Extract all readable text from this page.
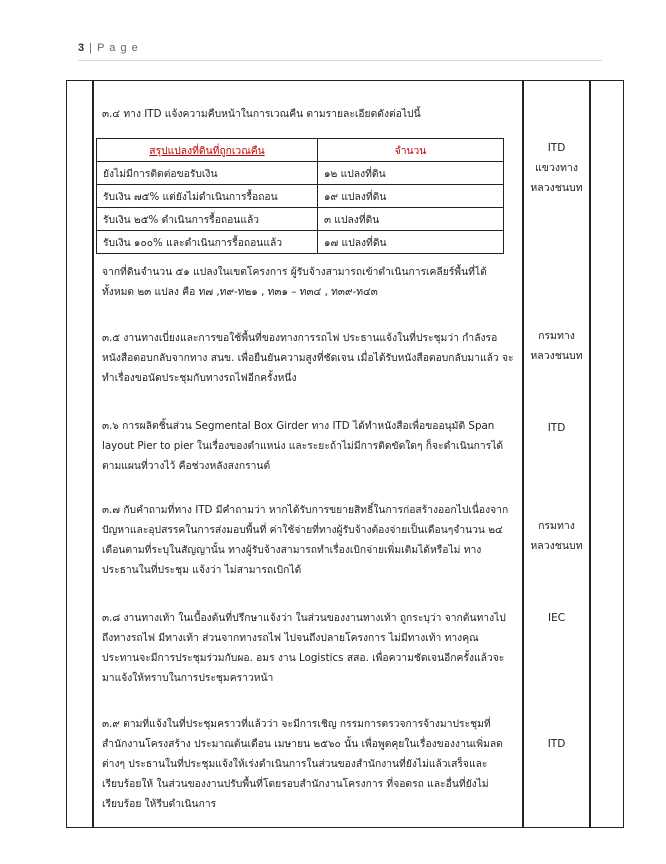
3 | P a g e

๓.๔ ทาง ITD แจ้งความคืบหน้าในการเวณคืน ตามรายละเอียดดังต่อไปนี้

สรุปแปลงที่ดินที่ถูกเวณคืน	จำนวน
ยังไม่มีการติดต่อขอรับเงิน	๑๒ แปลงที่ดิน
รับเงิน ๗๕% แต่ยังไม่ดำเนินการรื้อถอน	๑๙ แปลงที่ดิน
รับเงิน ๒๕% ดำเนินการรื้อถอนแล้ว	๓ แปลงที่ดิน
รับเงิน ๑๐๐% และดำเนินการรื้อถอนแล้ว	๑๗ แปลงที่ดิน

จากที่ดินจำนวน ๕๑ แปลงในเขตโครงการ ผู้รับจ้างสามารถเข้าดำเนินการเคลียร์พื้นที่ได้ทั้งหมด ๒๓ แปลง คือ ท๗ ,ท๙-ท๒๑ , ท๓๑ – ท๓๔ , ท๓๙-ท๔๓

ITD
แขวงทาง
หลวงชนบท

๓.๕ งานทางเบี่ยงและการขอใช้พื้นที่ของทางการรถไฟ ประธานแจ้งในที่ประชุมว่า กำลังรอหนังสือตอบกลับจากทาง สนข. เพื่อยืนยันความสูงที่ชัดเจน เมื่อได้รับหนังสือตอบกลับมาแล้ว จะทำเรื่องขอนัดประชุมกับทางรถไฟอีกครั้งหนึ่ง

กรมทาง
หลวงชนบท

๓.๖ การผลิตชิ้นส่วน Segmental Box Girder ทาง ITD ได้ทำหนังสือเพื่อขออนุมัติ Span layout Pier to pier ในเรื่องของตำแหน่ง และระยะถ้าไม่มีการติดขัดใดๆ ก็จะดำเนินการได้ตามแผนที่วางไว้ คือช่วงหลังสงกรานต์

ITD

๓.๗ กับคำถามที่ทาง ITD มีคำถามว่า หากได้รับการขยายสิทธิ์ในการก่อสร้างออกไปเนื่องจากปัญหาและอุปสรรคในการส่งมอบพื้นที่ ค่าใช้จ่ายที่ทางผู้รับจ้างต้องจ่ายเป็นเดือนๆจำนวน ๒๔ เดือนตามที่ระบุในสัญญานั้น ทางผู้รับจ้างสามารถทำเรื่องเบิกจ่ายเพิ่มเติมได้หรือไม่ ทางประธานในที่ประชุม แจ้งว่า ไม่สามารถเบิกได้

กรมทาง
หลวงชนบท

๓.๘ งานทางเท้า ในเบื้องต้นที่ปรึกษาแจ้งว่า ในส่วนของงานทางเท้า ถูกระบุว่า จากต้นทางไปถึงทางรถไฟ มีทางเท้า ส่วนจากทางรถไฟ ไปจนถึงปลายโครงการ ไม่มีทางเท้า ทางคุณประทานจะมีการประชุมร่วมกับผอ. อมร งาน Logistics สสอ. เพื่อความชัดเจนอีกครั้งแล้วจะมาแจ้งให้ทราบในการประชุมคราวหน้า

IEC

๓.๙ ตามที่แจ้งในที่ประชุมคราวที่แล้วว่า จะมีการเชิญ กรรมการตรวจการจ้างมาประชุมที่สำนักงานโครงสร้าง ประมาณต้นเดือน เมษายน ๒๕๖๐ นั้น เพื่อพูดคุยในเรื่องของงานเพิ่มลดต่างๆ ประธานในที่ประชุมแจ้งให้เร่งดำเนินการในส่วนของสำนักงานที่ยังไม่แล้วเสร็จและเรียบร้อยให้ ในส่วนของงานปรับพื้นที่โดยรอบสำนักงานโครงการ ที่จอดรถ และอื่นที่ยังไม่เรียบร้อย ให้รีบดำเนินการ

ITD
